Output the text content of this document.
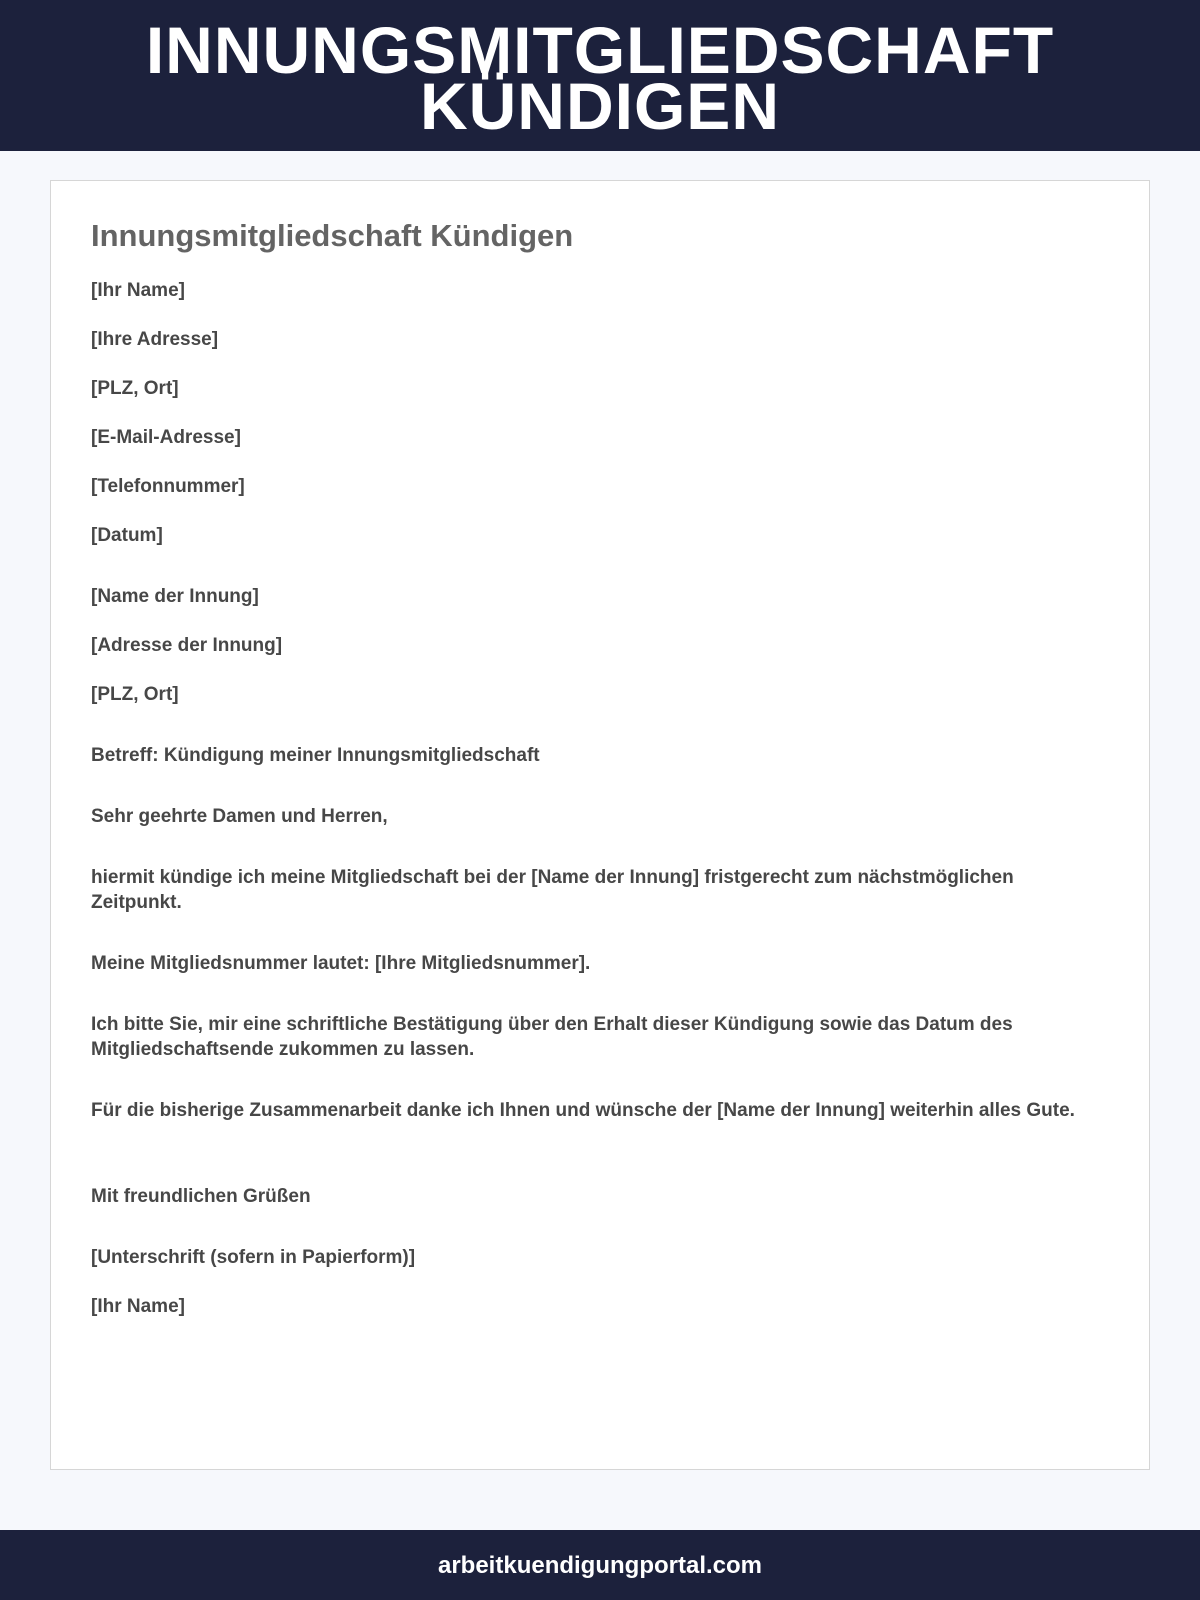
INNUNGSMITGLIEDSCHAFT KÜNDIGEN
Innungsmitgliedschaft Kündigen

[Ihr Name]

[Ihre Adresse]

[PLZ, Ort]

[E-Mail-Adresse]

[Telefonnummer]

[Datum]

[Name der Innung]

[Adresse der Innung]

[PLZ, Ort]

Betreff: Kündigung meiner Innungsmitgliedschaft

Sehr geehrte Damen und Herren,

hiermit kündige ich meine Mitgliedschaft bei der [Name der Innung] fristgerecht zum nächstmöglichen Zeitpunkt.

Meine Mitgliedsnummer lautet: [Ihre Mitgliedsnummer].

Ich bitte Sie, mir eine schriftliche Bestätigung über den Erhalt dieser Kündigung sowie das Datum des Mitgliedschaftsende zukommen zu lassen.

Für die bisherige Zusammenarbeit danke ich Ihnen und wünsche der [Name der Innung] weiterhin alles Gute.

Mit freundlichen Grüßen

[Unterschrift (sofern in Papierform)]

[Ihr Name]

arbeitkuendigungportal.com
